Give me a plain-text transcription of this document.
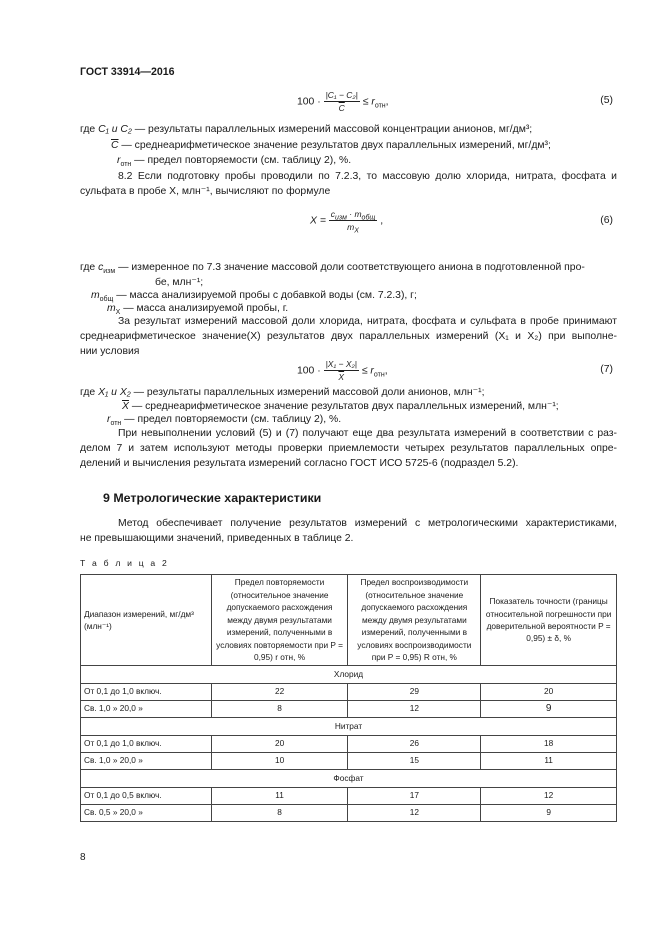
ГОСТ 33914—2016
$100 \cdot \frac{\text{|C₁ − C₂|}}{C} \le r_{отн}$,	(5)
где C₁ и C₂ — результаты параллельных измерений массовой концентрации анионов, мг/дм³;
$\overline{C}$ — среднеарифметическое значение результатов двух параллельных измерений, мг/дм³;
$r_{отн}$ — предел повторяемости (см. таблицу 2), %.
8.2 Если подготовку пробы проводили по 7.2.3, то массовую долю хлорида, нитрата, фосфата и
сульфата в пробе X, млн⁻¹, вычисляют по формуле
$X = \frac{c_{изм} \cdot m_{общ}}{m_X}$ ,	(6)
где $c_{изм}$ — измеренное по 7.3 значение массовой доли соответствующего аниона в подготовленной про-
бе, млн⁻¹;
$m_{общ}$ — масса анализируемой пробы с добавкой воды (см. 7.2.3), г;
$m_X$ — масса анализируемой пробы, г.
За результат измерений массовой доли хлорида, нитрата, фосфата и сульфата в пробе принимают
среднеарифметическое значение(X) результатов двух параллельных измерений (X₁ и X₂) при выполне-
нии условия
$100 \cdot \frac{\text{|X₁ − X₂|}}{X} \le r_{отн}$,	(7)
где X₁ и X₂ — результаты параллельных измерений массовой доли анионов, млн⁻¹;
$\overline{X}$ — среднеарифметическое значение результатов двух параллельных измерений, млн⁻¹;
$r_{отн}$ — предел повторяемости (см. таблицу 2), %.
При невыполнении условий (5) и (7) получают еще два результата измерений в соответствии с раз-
делом 7 и затем используют методы проверки приемлемости четырех результатов параллельных опре-
делений и вычисления результата измерений согласно ГОСТ ИСО 5725-6 (подраздел 5.2).
9 Метрологические характеристики
Метод обеспечивает получение результатов измерений с метрологическими характеристиками,
не превышающими значений, приведенных в таблице 2.
Т а б л и ц а 2
Диапазон измерений, мг/дм³ (млн⁻¹)	Предел повторяемости (относительное значение допускаемого расхождения между двумя результатами измерений, полученными в условиях повторяемости при P = 0,95) r отн, %	Предел воспроизводимости (относительное значение допускаемого расхождения между двумя результатами измерений, полученными в условиях воспроизводимости при P = 0,95) R отн, %	Показатель точности (границы относительной погрешности при доверительной вероятности P = 0,95) ± δ, %
Хлорид			
От 0,1 до 1,0 включ.	22	29	20
Св. 1,0 » 20,0 »	8	12	9
Нитрат			
От 0,1 до 1,0 включ.	20	26	18
Св. 1,0 » 20,0 »	10	15	11
Фосфат			
От 0,1 до 0,5 включ.	11	17	12
Св. 0,5 » 20,0 »	8	12	9
8
